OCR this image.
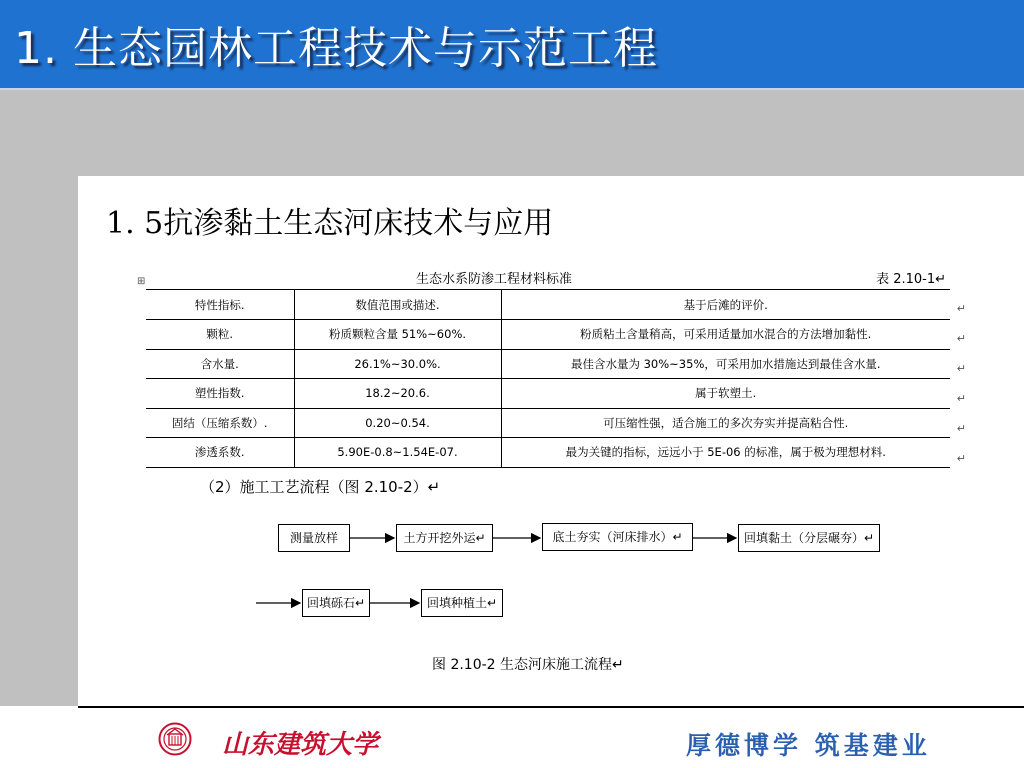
1. 生态园林工程技术与示范工程
1. 5抗渗黏土生态河床技术与应用
⊞	生态水系防渗工程材料标准	表 2.10-1↵
特性指标.	数值范围或描述.	基于后滩的评价.
颗粒.	粉质颗粒含量 51%~60%.	粉质粘土含量稍高，可采用适量加水混合的方法增加黏性.
含水量.	26.1%~30.0%.	最佳含水量为 30%~35%，可采用加水措施达到最佳含水量.
塑性指数.	18.2~20.6.	属于软塑土.
固结（压缩系数）.	0.20~0.54.	可压缩性强，适合施工的多次夯实并提高粘合性.
渗透系数.	5.90E-0.8~1.54E-07.	最为关键的指标，远远小于 5E-06 的标准，属于极为理想材料.
↵
↵
↵
↵
↵
↵
（2）施工工艺流程（图 2.10-2）↵
测量放样	土方开挖外运↵	底土夯实（河床排水）↵	回填黏土（分层碾夯）↵
回填砾石↵	回填种植土↵
图 2.10-2 生态河床施工流程↵
山东建筑大学	厚德博学 筑基建业
